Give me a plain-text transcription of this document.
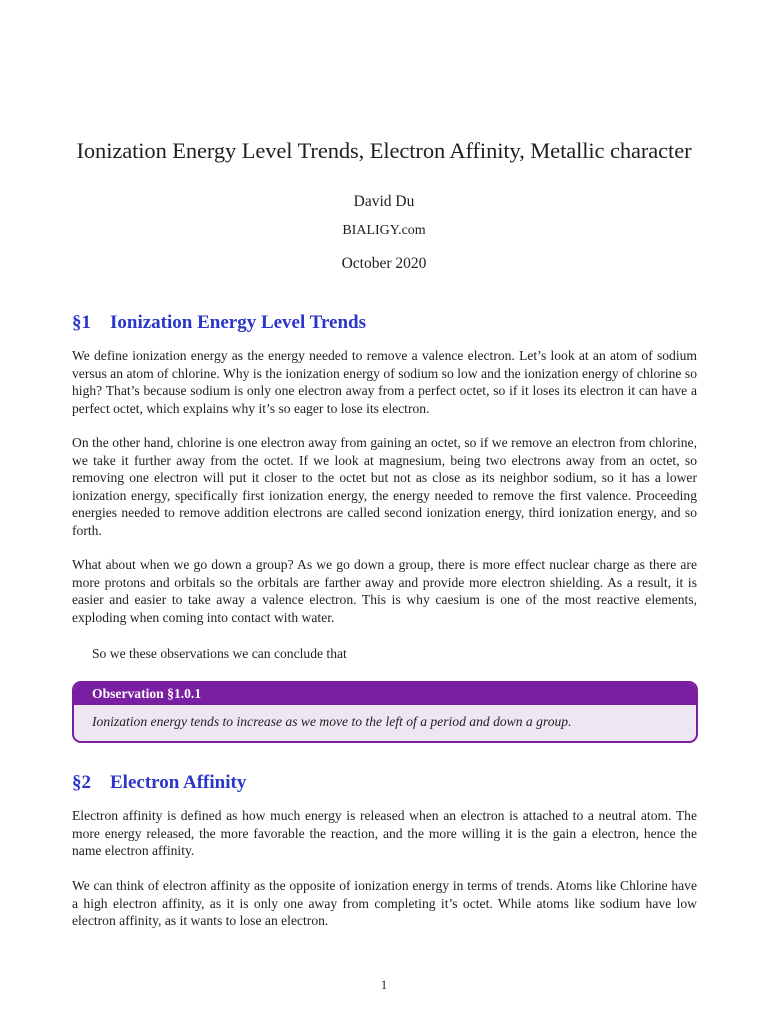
Ionization Energy Level Trends, Electron Affinity, Metallic character
David Du
BIALIGY.com
October 2020
§1 Ionization Energy Level Trends

We define ionization energy as the energy needed to remove a valence electron. Let’s look at an atom of sodium versus an atom of chlorine. Why is the ionization energy of sodium so low and the ionization energy of chlorine so high? That’s because sodium is only one electron away from a perfect octet, so if it loses its electron it can have a perfect octet, which explains why it’s so eager to lose its electron.

On the other hand, chlorine is one electron away from gaining an octet, so if we remove an electron from chlorine, we take it further away from the octet. If we look at magnesium, being two electrons away from an octet, so removing one electron will put it closer to the octet but not as close as its neighbor sodium, so it has a lower ionization energy, specifically first ionization energy, the energy needed to remove the first valence. Proceeding energies needed to remove addition electrons are called second ionization energy, third ionization energy, and so forth.

What about when we go down a group? As we go down a group, there is more effect nuclear charge as there are more protons and orbitals so the orbitals are farther away and provide more electron shielding. As a result, it is easier and easier to take away a valence electron. This is why caesium is one of the most reactive elements, exploding when coming into contact with water.

So we these observations we can conclude that

Observation §1.0.1
Ionization energy tends to increase as we move to the left of a period and down a group.
§2 Electron Affinity

Electron affinity is defined as how much energy is released when an electron is attached to a neutral atom. The more energy released, the more favorable the reaction, and the more willing it is the gain a electron, hence the name electron affinity.

We can think of electron affinity as the opposite of ionization energy in terms of trends. Atoms like Chlorine have a high electron affinity, as it is only one away from completing it’s octet. While atoms like sodium have low electron affinity, as it wants to lose an electron.

1
